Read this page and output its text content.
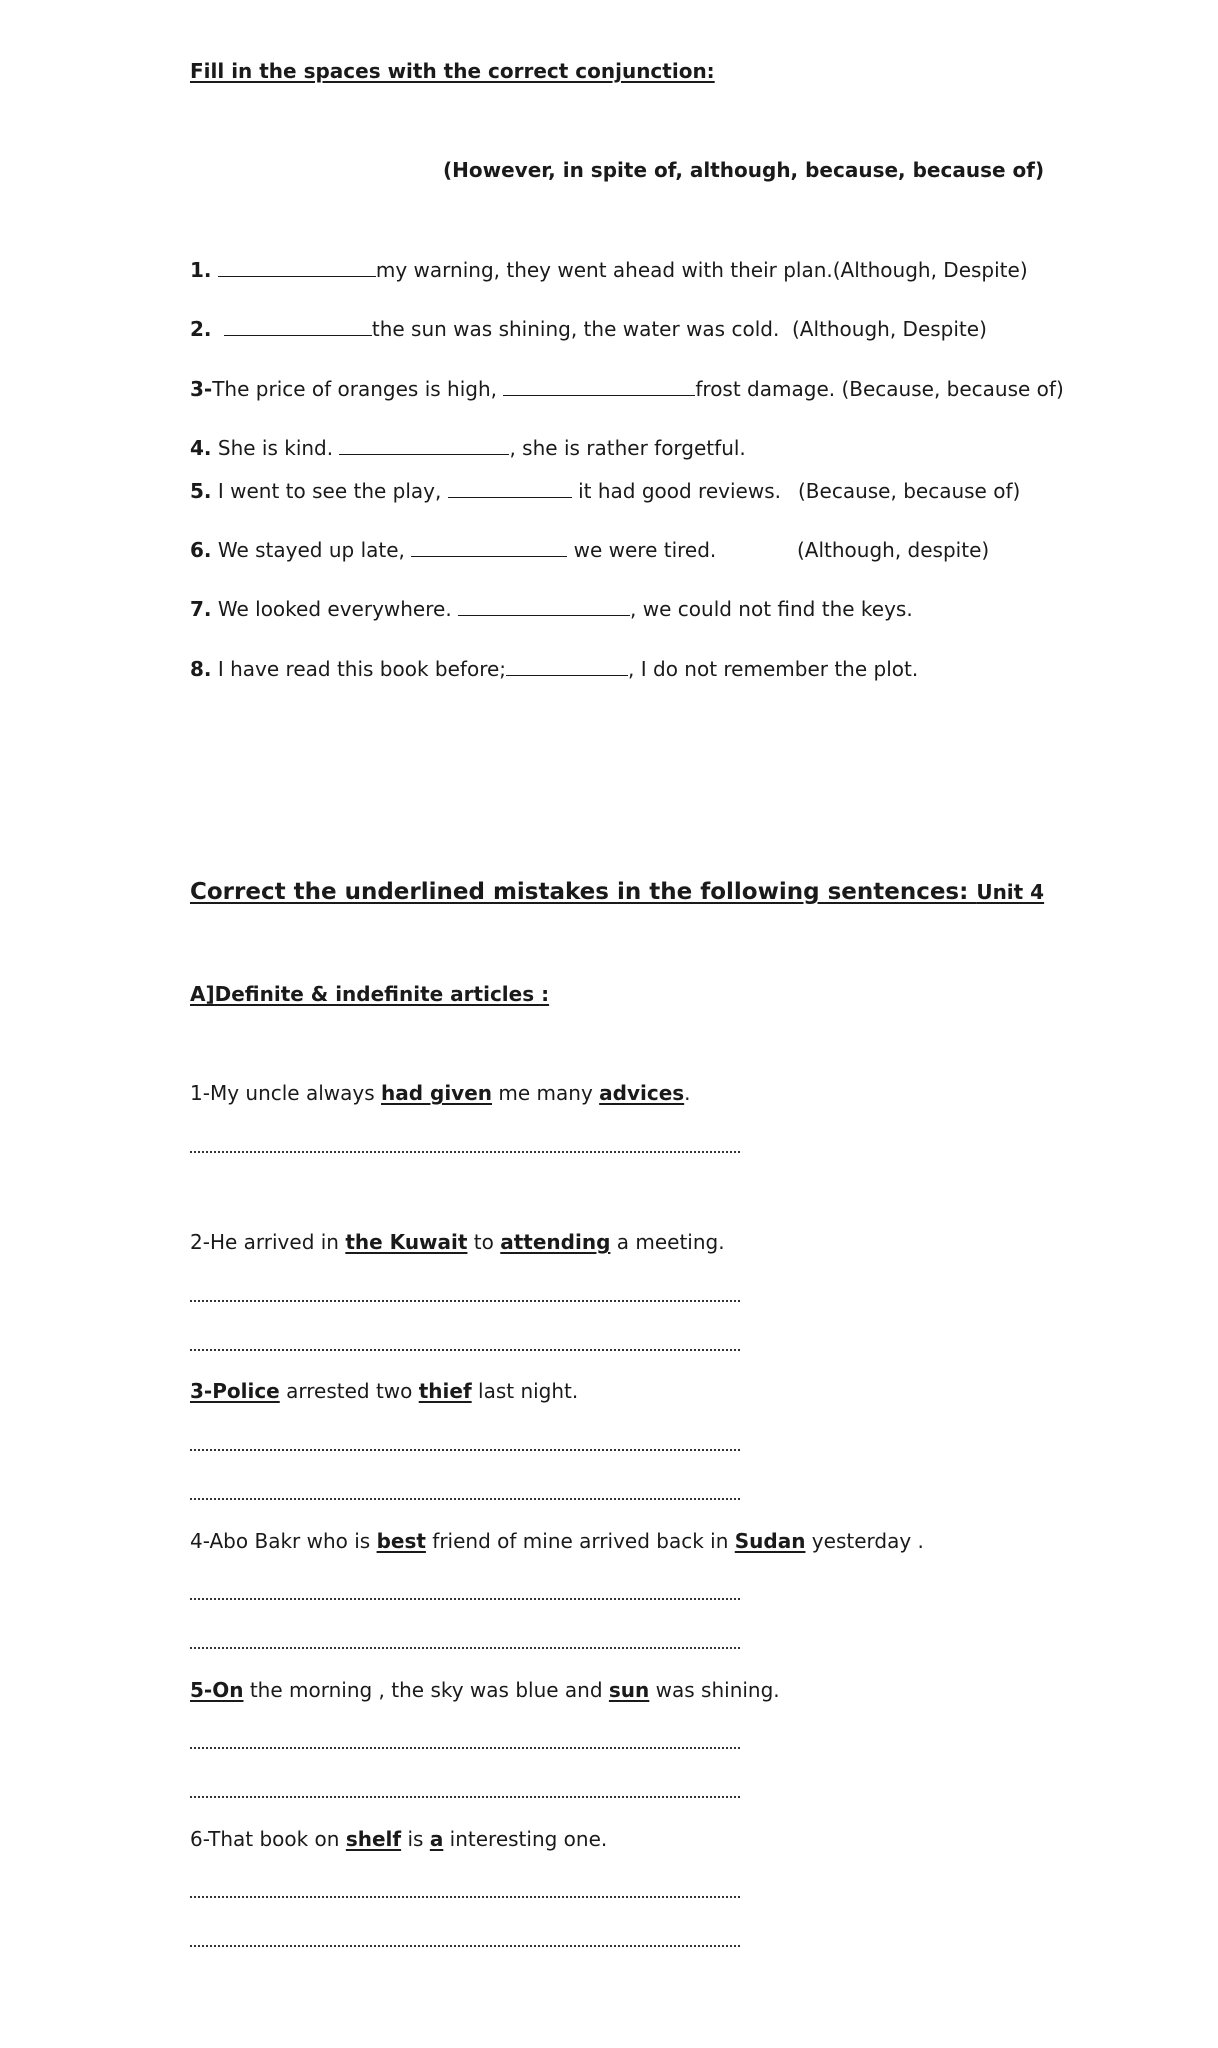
Fill in the spaces with the correct conjunction:
(However, in spite of, although, because, because of)
1.	my warning, they went ahead with their plan.(Although, Despite)
2.	the sun was shining, the water was cold. (Although, Despite)
3-The price of oranges is high,	frost damage. (Because, because of)
4. She is kind.	, she is rather forgetful.
5. I went to see the play,	it had good reviews. (Because, because of)
6. We stayed up late,	we were tired.	(Although, despite)
7. We looked everywhere.	, we could not find the keys.
8. I have read this book before;	, I do not remember the plot.
Correct the underlined mistakes in the following sentences: Unit 4
A]Definite & indefinite articles :
1-My uncle always had given me many advices.
2-He arrived in the Kuwait to attending a meeting.
3-Police arrested two thief last night.
4-Abo Bakr who is best friend of mine arrived back in Sudan yesterday .
5-On the morning , the sky was blue and sun was shining.
6-That book on shelf is a interesting one.
